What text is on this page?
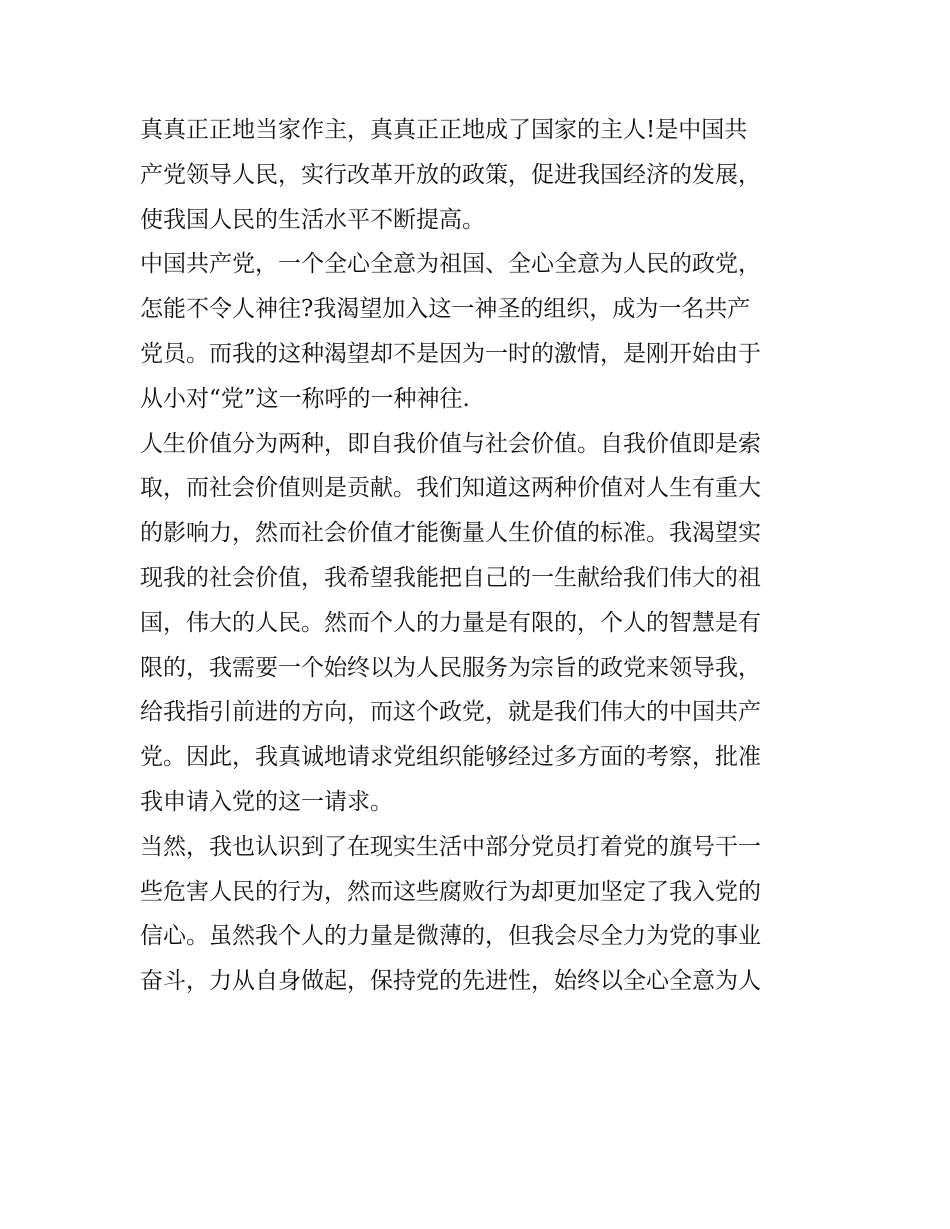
真真正正地当家作主，真真正正地成了国家的主人!是中国共
产党领导人民，实行改革开放的政策，促进我国经济的发展，
使我国人民的生活水平不断提高。
中国共产党，一个全心全意为祖国、全心全意为人民的政党，
怎能不令人神往?我渴望加入这一神圣的组织，成为一名共产
党员。而我的这种渴望却不是因为一时的激情，是刚开始由于
从小对“党”这一称呼的一种神往.
人生价值分为两种，即自我价值与社会价值。自我价值即是索
取，而社会价值则是贡献。我们知道这两种价值对人生有重大
的影响力，然而社会价值才能衡量人生价值的标准。我渴望实
现我的社会价值，我希望我能把自己的一生献给我们伟大的祖
国，伟大的人民。然而个人的力量是有限的，个人的智慧是有
限的，我需要一个始终以为人民服务为宗旨的政党来领导我，
给我指引前进的方向，而这个政党，就是我们伟大的中国共产
党。因此，我真诚地请求党组织能够经过多方面的考察，批准
我申请入党的这一请求。
当然，我也认识到了在现实生活中部分党员打着党的旗号干一
些危害人民的行为，然而这些腐败行为却更加坚定了我入党的
信心。虽然我个人的力量是微薄的，但我会尽全力为党的事业
奋斗，力从自身做起，保持党的先进性，始终以全心全意为人
